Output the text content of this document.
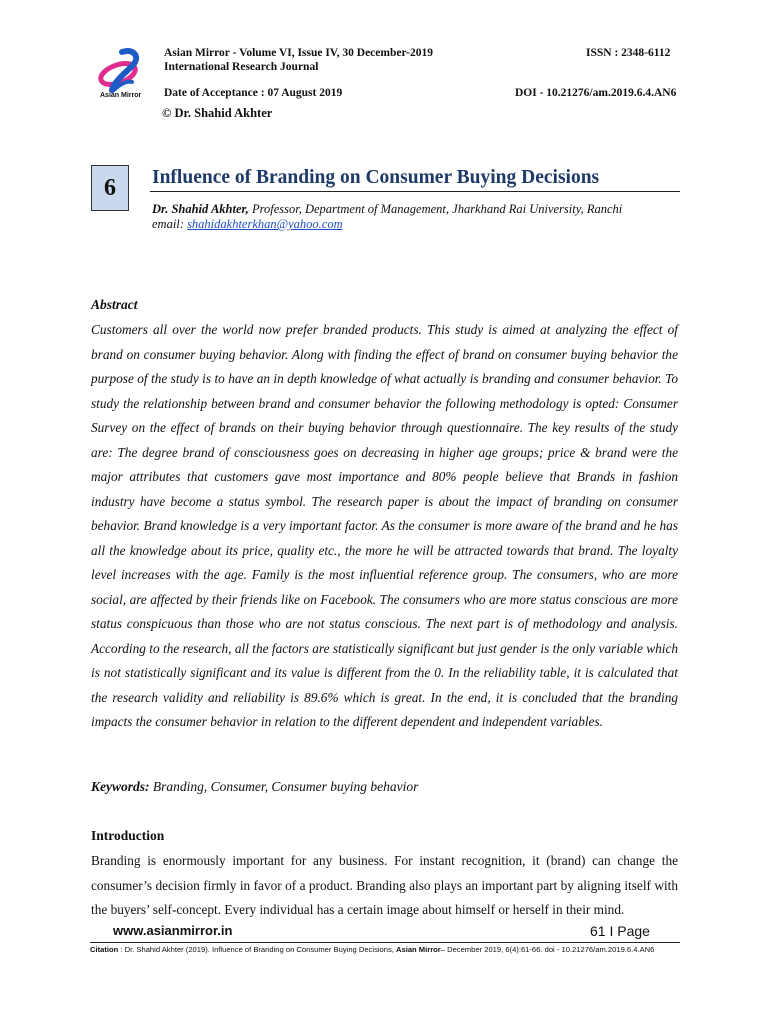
Asian Mirror
Asian Mirror - Volume VI, Issue IV, 30 December-2019
International Research Journal
ISSN : 2348-6112
Date of Acceptance : 07 August 2019	DOI - 10.21276/am.2019.6.4.AN6
© Dr. Shahid Akhter
6 Influence of Branding on Consumer Buying Decisions
Dr. Shahid Akhter, Professor, Department of Management, Jharkhand Rai University, Ranchi
email: shahidakhterkhan@yahoo.com
Abstract
Customers all over the world now prefer branded products. This study is aimed at analyzing the effect of brand on consumer buying behavior. Along with finding the effect of brand on consumer buying behavior the purpose of the study is to have an in depth knowledge of what actually is branding and consumer behavior. To study the relationship between brand and consumer behavior the following methodology is opted: Consumer Survey on the effect of brands on their buying behavior through questionnaire. The key results of the study are: The degree brand of consciousness goes on decreasing in higher age groups; price & brand were the major attributes that customers gave most importance and 80% people believe that Brands in fashion industry have become a status symbol. The research paper is about the impact of branding on consumer behavior. Brand knowledge is a very important factor. As the consumer is more aware of the brand and he has all the knowledge about its price, quality etc., the more he will be attracted towards that brand. The loyalty level increases with the age. Family is the most influential reference group. The consumers, who are more social, are affected by their friends like on Facebook. The consumers who are more status conscious are more status conspicuous than those who are not status conscious. The next part is of methodology and analysis. According to the research, all the factors are statistically significant but just gender is the only variable which is not statistically significant and its value is different from the 0. In the reliability table, it is calculated that the research validity and reliability is 89.6% which is great. In the end, it is concluded that the branding impacts the consumer behavior in relation to the different dependent and independent variables.
Keywords: Branding, Consumer, Consumer buying behavior
Introduction
Branding is enormously important for any business. For instant recognition, it (brand) can change the consumer’s decision firmly in favor of a product. Branding also plays an important part by aligning itself with the buyers’ self-concept. Every individual has a certain image about himself or herself in their mind.
www.asianmirror.in	61 I Page
Citation : Dr. Shahid Akhter (2019). Influence of Branding on Consumer Buying Decisions, Asian Mirror– December 2019, 6(4):61-66. doi - 10.21276/am.2019.6.4.AN6
